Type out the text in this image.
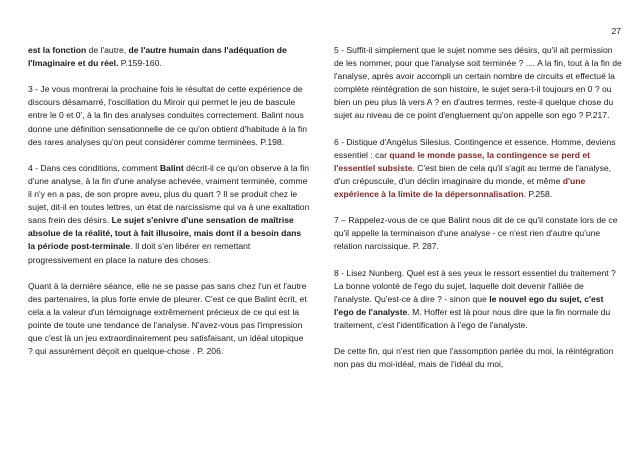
27

est la fonction de l'autre, de l'autre humain dans l'adéquation de l'Imaginaire et du réel. P.159-160.

3 - Je vous montrerai la prochaine fois le résultat de cette expérience de discours désamarré, l'oscillation du Miroir qui permet le jeu de bascule entre le 0 et 0', à la fin des analyses conduites correctement. Balint nous donne une définition sensationnelle de ce qu'on obtient d'habitude à la fin des rares analyses qu'on peut considérer comme terminées. P.198.

4 - Dans ces conditions, comment Balint décrit-il ce qu'on observe à la fin d'une analyse, à la fin d'une analyse achevée, vraiment terminée, comme il n'y en a pas, de son propre aveu, plus du quart ? Il se produit chez le sujet, dit-il en toutes lettres, un état de narcissisme qui va à une exaltation sans frein des désirs. Le sujet s'enivre d'une sensation de maîtrise absolue de la réalité, tout à fait illusoire, mais dont il a besoin dans la période post-terminale. Il doit s'en libérer en remettant progressivement en place la nature des choses.

Quant à la dernière séance, elle ne se passe pas sans chez l'un et l'autre des partenaires, la plus forte envie de pleurer. C'est ce que Balint écrit, et cela a la valeur d'un témoignage extrêmement précieux de ce qui est la pointe de toute une tendance de l'analyse. N'avez-vous pas l'impression que c'est là un jeu extraordinairement peu satisfaisant, un idéal utopique ? qui assurément déçoit en quelque-chose . P. 206.

5 - Suffit-il simplement que le sujet nomme ses désirs, qu'il ait permission de les nommer, pour que l'analyse soit terminée ? .... A la fin, tout à la fin de l'analyse, après avoir accompli un certain nombre de circuits et effectué la complète réintégration de son histoire, le sujet sera-t-il toujours en 0 ? ou bien un peu plus là vers A ? en d'autres termes, reste-il quelque chose du sujet au niveau de ce point d'engluement qu'on appelle son ego ? P.217.

6 - Distique d'Angélus Silesius. Contingence et essence. Homme, deviens essentiel : car quand le monde passe, la contingence se perd et l'essentiel subsiste. C'est bien de cela qu'il s'agit au terme de l'analyse, d'un crépuscule, d'un déclin imaginaire du monde, et même d'une expérience à la limite de la dépersonnalisation. P.258.

7 – Rappelez-vous de ce que Balint nous dit de ce qu'il constate lors de ce qu'il appelle la terminaison d'une analyse - ce n'est rien d'autre qu'une relation narcissique. P. 287.

8 - Lisez Nunberg. Quel est à ses yeux le ressort essentiel du traitement ? La bonne volonté de l'ego du sujet, laquelle doit devenir l'alliée de l'analyste. Qu'est-ce à dire ? - sinon que le nouvel ego du sujet, c'est l'ego de l'analyste. M. Hoffer est là pour nous dire que la fin normale du traitement, c'est l'identification à l'ego de l'analyste.

De cette fin, qui n'est rien que l'assomption parlée du moi, la réintégration non pas du moi-idéal, mais de l'idéal du moi,
